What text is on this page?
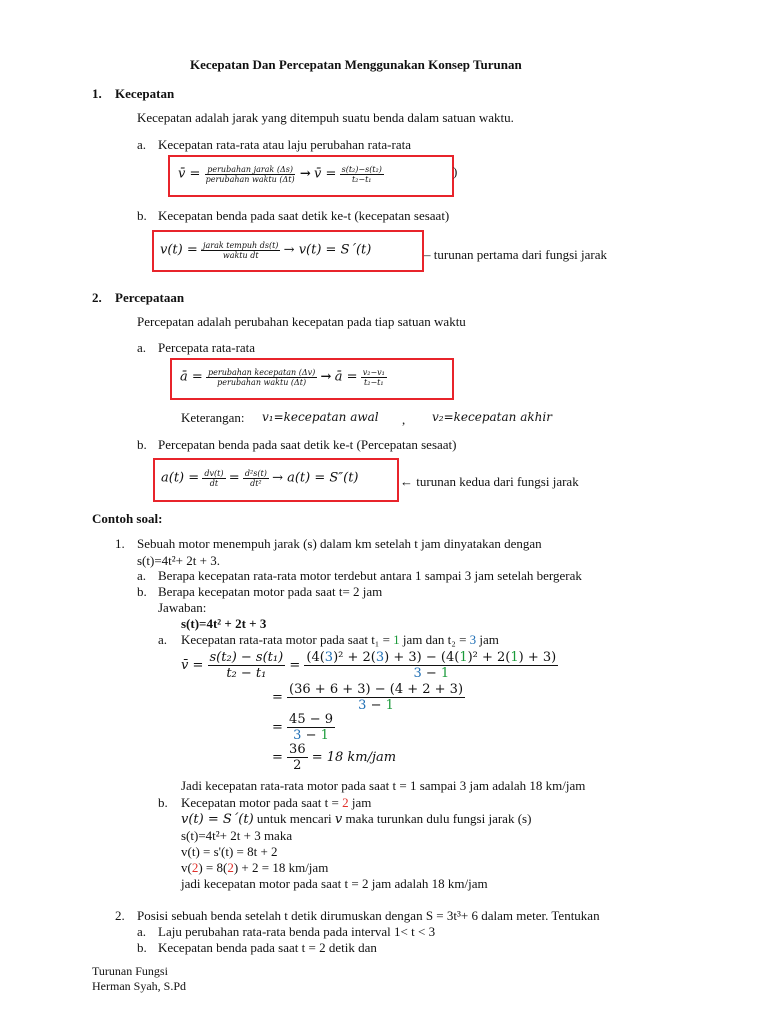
Kecepatan Dan Percepatan Menggunakan Konsep Turunan
1. Kecepatan
Kecepatan adalah jarak yang ditempuh suatu benda dalam satuan waktu.
a. Kecepatan rata-rata atau laju perubahan rata-rata
v̄ = $\frac{\text{perubahan jarak (Δs)}}{\text{perubahan waktu (Δt)}}$ → v̄ = $\frac{\text{s(t₂)−s(t₂)}}{\text{t₂−t₁}}$	)
b. Kecepatan benda pada saat detik ke-t (kecepatan sesaat)
$v(t) = \frac{\text{jarak tempuh ds(t)}}{\text{waktu dt}} \to v(t) = S΄(t)$	– turunan pertama dari fungsi jarak
2. Percepataan
Percepatan adalah perubahan kecepatan pada tiap satuan waktu
a. Percepata rata-rata
ā = $\frac{\text{perubahan kecepatan (Δv)}}{\text{perubahan waktu (Δt)}}$ → ā = $\frac{\text{v₂−v₁}}{\text{t₂−t₁}}$
Keterangan: v₁=kecepatan awal , v₂=kecepatan akhir
b. Percepatan benda pada saat detik ke-t (Percepatan sesaat)
$a(t) = \frac{dv(t)}{dt} = \frac{\text{d²s(t)}}{\text{dt²}} \to a(t) = S''(t)$	← turunan kedua dari fungsi jarak
Contoh soal:
1. Sebuah motor menempuh jarak (s) dalam km setelah t jam dinyatakan dengan
s(t)=4t²+ 2t + 3.
a. Berapa kecepatan rata-rata motor terdebut antara 1 sampai 3 jam setelah bergerak
b. Berapa kecepatan motor pada saat t= 2 jam
Jawaban:
s(t)=4t² + 2t + 3
a. Kecepatan rata-rata motor pada saat t₁ = 1 jam dan t₂ = 3 jam
v̄ = $\frac{\text{s(t₂) − s(t₁)}}{\text{t₂ − t₁}} = \frac{\text{(4(3)² + 2(3) + 3) − (4(1)² + 2(1) + 3)}}{3 - 1}$
= $\frac{(36 + 6 + 3) - (4 + 2 + 3)}{3 - 1}$
= $\frac{45 - 9}{3 - 1}$
= $\frac{36}{2} = 18$ km/jam
Jadi kecepatan rata-rata motor pada saat t = 1 sampai 3 jam adalah 18 km/jam
b. Kecepatan motor pada saat t = 2 jam
v(t) = S΄(t) untuk mencari v maka turunkan dulu fungsi jarak (s)
s(t)=4t²+ 2t + 3 maka
v(t) = s'(t) = 8t + 2
v(2) = 8(2) + 2 = 18 km/jam
jadi kecepatan motor pada saat t = 2 jam adalah 18 km/jam
2. Posisi sebuah benda setelah t detik dirumuskan dengan S = 3t³+ 6 dalam meter. Tentukan
a. Laju perubahan rata-rata benda pada interval 1< t < 3
b. Kecepatan benda pada saat t = 2 detik dan
Turunan Fungsi
Herman Syah, S.Pd
